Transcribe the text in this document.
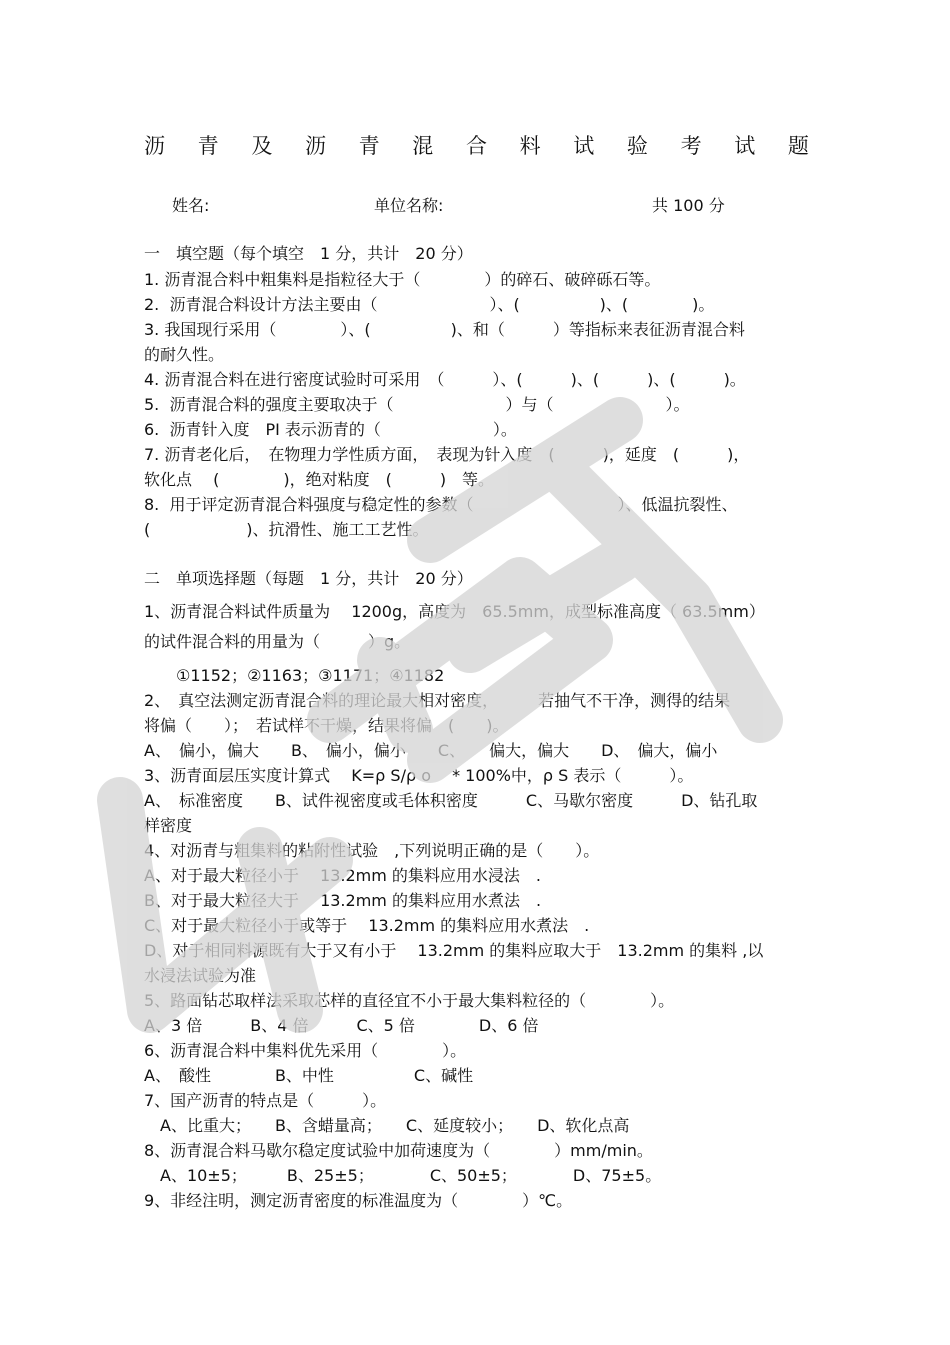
沥 青 及 沥 青 混 合 料 试 验 考 试 题
姓名:	单位名称:	共 100 分
一　填空题（每个填空　1 分，共计　20 分）
1. 沥青混合料中粗集料是指粒径大于（　　　　）的碎石、破碎砾石等。
2.  沥青混合料设计方法主要由（　　　　　　　）、(　　　　　)、(　　　　)。
3. 我国现行采用（　　　　）、(　　　　　)、和（　　　）等指标来表征沥青混合料
的耐久性。
4. 沥青混合料在进行密度试验时可采用　（　　　）、(　　　)、(　　　)、(　　　)。
5.  沥青混合料的强度主要取决于（　　　　　　　）与（　　　　　　　）。
6.  沥青针入度　PI 表示沥青的（　　　　　　　）。
7. 沥青老化后，　在物理力学性质方面，　表现为针入度　(　　　)，延度　(　　　)，
软化点　 (　　　　)，绝对粘度　(　　　)　等。
8.  用于评定沥青混合料强度与稳定性的参数（　　　　　　　　　）、低温抗裂性、
(　　　　　　)、抗滑性、施工工艺性。
二　单项选择题（每题　1 分，共计　20 分）
1、沥青混合料试件质量为　 1200g，高度为　65.5mm，成型标准高度（ 63.5mm）
的试件混合料的用量为（　　　）g。
　　①1152；②1163；③1171；④1182
2、　真空法测定沥青混合料的理论最大相对密度，　　　若抽气不干净，测得的结果
将偏（　　）；　若试样不干燥，结果将偏　(　　)。
A、　偏小，偏大　　B、　偏小，偏小　　C、　　偏大，偏大　　D、　偏大，偏小
3、沥青面层压实度计算式　 K=ρ S/ρ o　 * 100%中，ρ S 表示（　　　）。
A、　标准密度　　B、试件视密度或毛体积密度　　　C、马歇尔密度　　　D、钻孔取
样密度
4、对沥青与粗集料的粘附性试验　,下列说明正确的是（　　）。
A、对于最大粒径小于　 13.2mm 的集料应用水浸法　.
B、对于最大粒径大于　 13.2mm 的集料应用水煮法　.
C、对于最大粒径小于或等于　 13.2mm 的集料应用水煮法　.
D、对于相同料源既有大于又有小于　 13.2mm 的集料应取大于　13.2mm 的集料 ,以
水浸法试验为准
5、路面钻芯取样法采取芯样的直径宜不小于最大集料粒径的（　　　　）。
A、3 倍　　　B、4 倍　　　C、5 倍　　　　D、6 倍
6、沥青混合料中集料优先采用（　　　　）。
A、　酸性　　　　B、中性　　　　　C、碱性
7、国产沥青的特点是（　　　）。
　A、比重大；　　B、含蜡量高；　　C、延度较小；　　D、软化点高
8、沥青混合料马歇尔稳定度试验中加荷速度为（　　　　）mm/min。
　A、10±5；　　　B、25±5；　　　　C、50±5；　　　　D、75±5。
9、非经注明，测定沥青密度的标准温度为（　　　　）℃。
